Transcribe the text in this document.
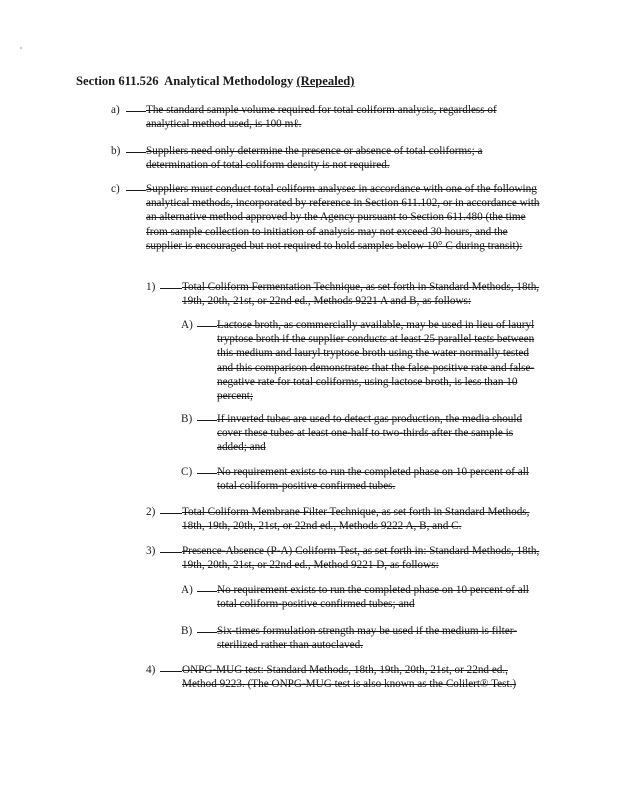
Section 611.526 Analytical Methodology (Repealed)
a) The standard sample volume required for total coliform analysis, regardless of analytical method used, is 100 mℓ.
b) Suppliers need only determine the presence or absence of total coliforms; a determination of total coliform density is not required.
c) Suppliers must conduct total coliform analyses in accordance with one of the following analytical methods, incorporated by reference in Section 611.102, or in accordance with an alternative method approved by the Agency pursuant to Section 611.480 (the time from sample collection to initiation of analysis may not exceed 30 hours, and the supplier is encouraged but not required to hold samples below 10° C during transit):
1) Total Coliform Fermentation Technique, as set forth in Standard Methods, 18th, 19th, 20th, 21st, or 22nd ed., Methods 9221 A and B, as follows:
A) Lactose broth, as commercially available, may be used in lieu of lauryl tryptose broth if the supplier conducts at least 25 parallel tests between this medium and lauryl tryptose broth using the water normally tested and this comparison demonstrates that the false-positive rate and false-negative rate for total coliforms, using lactose broth, is less than 10 percent;
B) If inverted tubes are used to detect gas production, the media should cover these tubes at least one-half to two-thirds after the sample is added; and
C) No requirement exists to run the completed phase on 10 percent of all total coliform-positive confirmed tubes.
2) Total Coliform Membrane Filter Technique, as set forth in Standard Methods, 18th, 19th, 20th, 21st, or 22nd ed., Methods 9222 A, B, and C.
3) Presence-Absence (P-A) Coliform Test, as set forth in: Standard Methods, 18th, 19th, 20th, 21st, or 22nd ed., Method 9221 D, as follows:
A) No requirement exists to run the completed phase on 10 percent of all total coliform-positive confirmed tubes; and
B) Six-times formulation strength may be used if the medium is filter-sterilized rather than autoclaved.
4) ONPG-MUG test: Standard Methods, 18th, 19th, 20th, 21st, or 22nd ed., Method 9223. (The ONPG-MUG test is also known as the Colilert® Test.)
